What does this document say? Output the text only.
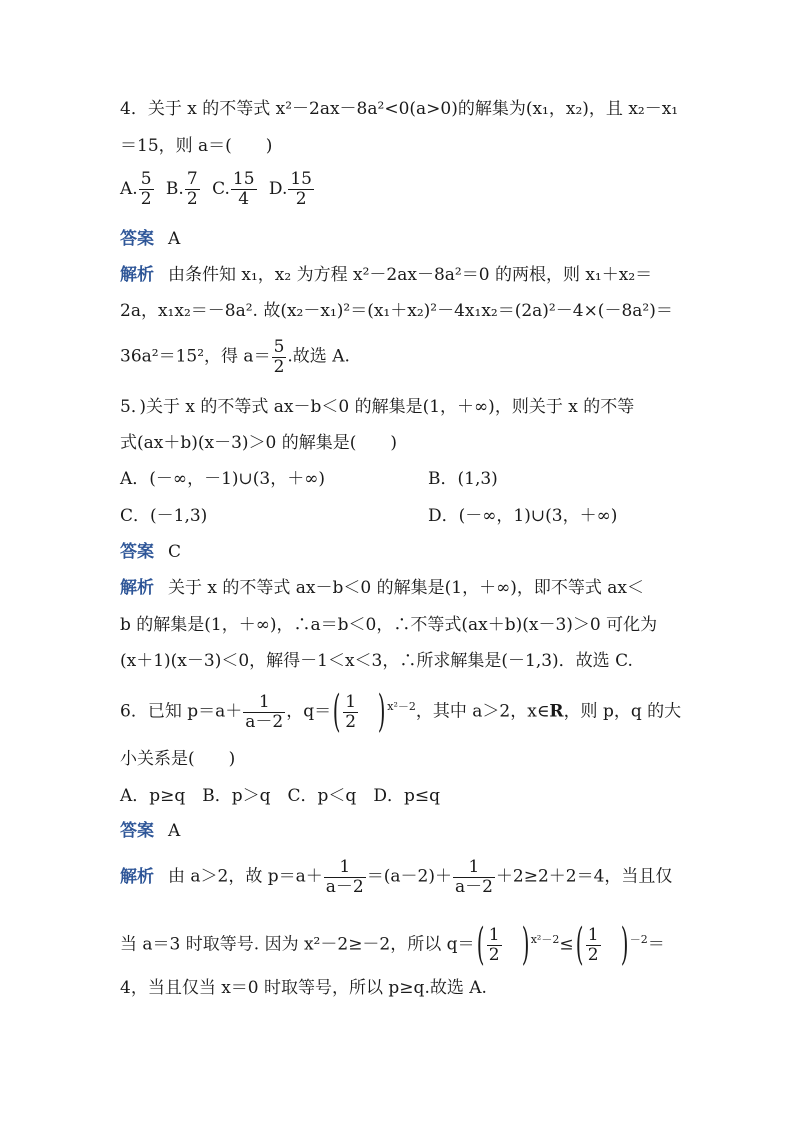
4．关于 x 的不等式 x²－2ax－8a²<0(a>0)的解集为(x₁，x₂)，且 x₂－x₁
＝15，则 a＝(　　)
A. $\frac{5}{2} B$. $\frac{7}{2} C$. $\frac{15}{4} D$. $\frac{15}{2}$
答案 A
解析 由条件知 x₁，x₂ 为方程 x²－2ax－8a²＝0 的两根，则 x₁＋x₂＝
2a，x₁x₂＝－8a². 故(x₂－x₁)²＝(x₁＋x₂)²－4x₁x₂＝(2a)²－4×(－8a²)＝
36a²＝15²，得 $a= \frac{5}{2}$ .故选 A.
5．)关于 x 的不等式 ax－b＜0 的解集是(1，＋∞)，则关于 x 的不等
式(ax＋b)(x－3)＞0 的解集是(　　)
A．(－∞，－1)∪(3，＋∞)	B．(1,3)
C．(－1,3)	D．(－∞，1)∪(3，＋∞)
答案 C
解析 关于 x 的不等式 ax－b＜0 的解集是(1，＋∞)，即不等式 ax＜
b 的解集是(1，＋∞)，∴a＝b＜0，∴不等式(ax＋b)(x－3)＞0 可化为
(x＋1)(x－3)＜0，解得－1＜x＜3，∴所求解集是(－1,3)．故选 C.
6．已知 $p=a+ \frac{1}{a-2}$ ，$q=( \frac{1}{2}$ ) $^{x^2-2}$，其中 a＞2，x∈R，则 p，q 的大
小关系是(　　)
A．p≥q　B．p＞q　C．p＜q　D．p≤q
答案 A
解析 由 a＞2，故 $p=a+ \frac{1}{a-2} =(a-2)+ \frac{1}{a-2} +2\ge 2+2=4$，当且仅
当 a＝3 时取等号. 因为 x²－2≥－2，所以 $q=( \frac{1}{2}$ ) $^{x^2-2}\le( \frac{1}{2}$ ) $^{-2}$＝
4，当且仅当 x＝0 时取等号，所以 p≥q.故选 A.
